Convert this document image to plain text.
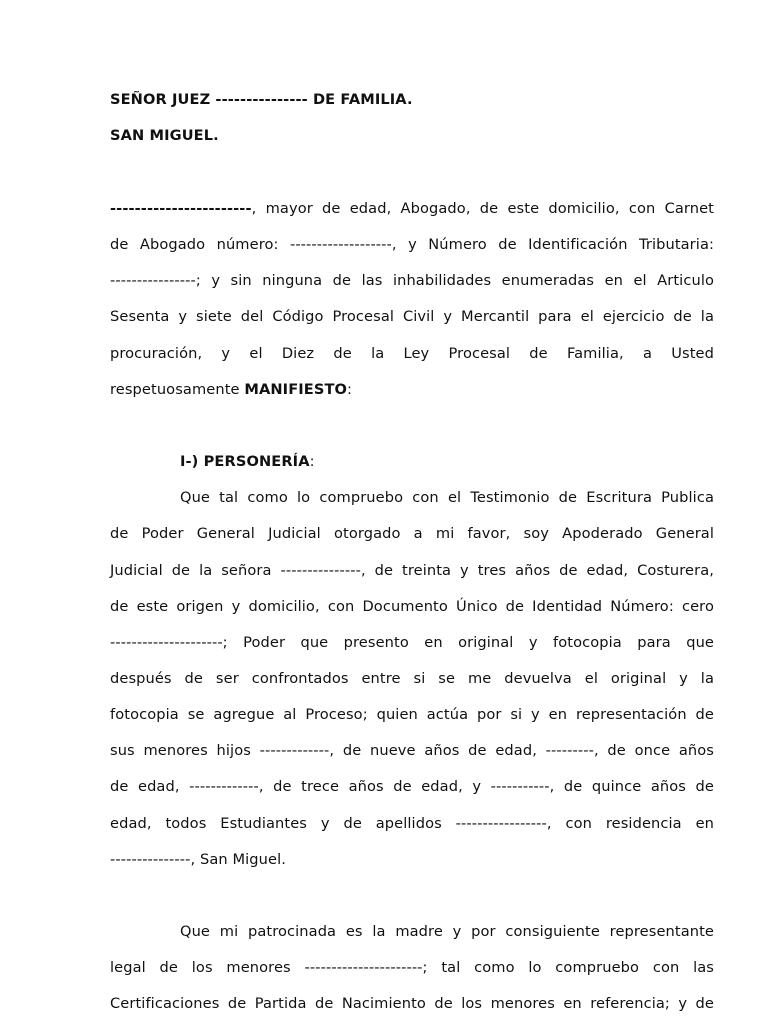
SEÑOR JUEZ --------------- DE FAMILIA.
SAN MIGUEL.
-----------------------, mayor de edad, Abogado, de este domicilio, con Carnet
de Abogado número: -------------------, y Número de Identificación Tributaria:
----------------; y sin ninguna de las inhabilidades enumeradas en el Articulo
Sesenta y siete del Código Procesal Civil y Mercantil para el ejercicio de la
procuración, y el Diez de la Ley Procesal de Familia, a Usted
respetuosamente MANIFIESTO:
I-) PERSONERÍA:
Que tal como lo compruebo con el Testimonio de Escritura Publica
de Poder General Judicial otorgado a mi favor, soy Apoderado General
Judicial de la señora ---------------, de treinta y tres años de edad, Costurera,
de este origen y domicilio, con Documento Único de Identidad Número: cero
---------------------; Poder que presento en original y fotocopia para que
después de ser confrontados entre si se me devuelva el original y la
fotocopia se agregue al Proceso; quien actúa por si y en representación de
sus menores hijos -------------, de nueve años de edad, ---------, de once años
de edad, -------------, de trece años de edad, y -----------, de quince años de
edad, todos Estudiantes y de apellidos -----------------, con residencia en
---------------, San Miguel.
Que mi patrocinada es la madre y por consiguiente representante
legal de los menores ----------------------; tal como lo compruebo con las
Certificaciones de Partida de Nacimiento de los menores en referencia; y de
